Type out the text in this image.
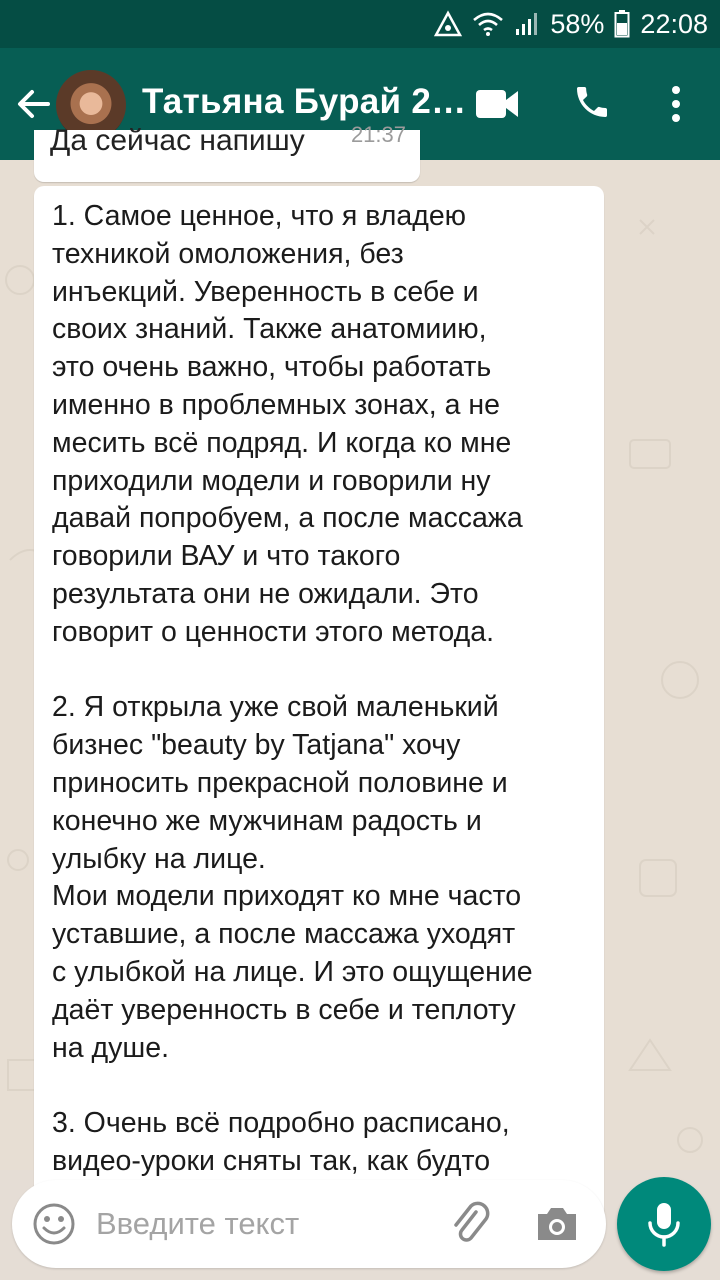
58% 22:08
Татьяна Бурай 2…
Да сейчас напишу 21:37
1. Самое ценное, что я владею
техникой омоложения, без
инъекций. Уверенность в себе и
своих знаний. Также анатомиию,
это очень важно, чтобы работать
именно в проблемных зонах, а не
месить всё подряд. И когда ко мне
приходили модели и говорили ну
давай попробуем, а после массажа
говорили ВАУ и что такого
результата они не ожидали. Это
говорит о ценности этого метода.

2. Я открыла уже свой маленький
бизнес "beauty by Tatjana" хочу
приносить прекрасной половине и
конечно же мужчинам радость и
улыбку на лице.
Мои модели приходят ко мне часто
уставшие, а после массажа уходят
с улыбкой на лице. И это ощущение
даёт уверенность в себе и теплоту
на душе.

3. Очень всё подробно расписано,
видео-уроки сняты так, как будто
Введите текст
